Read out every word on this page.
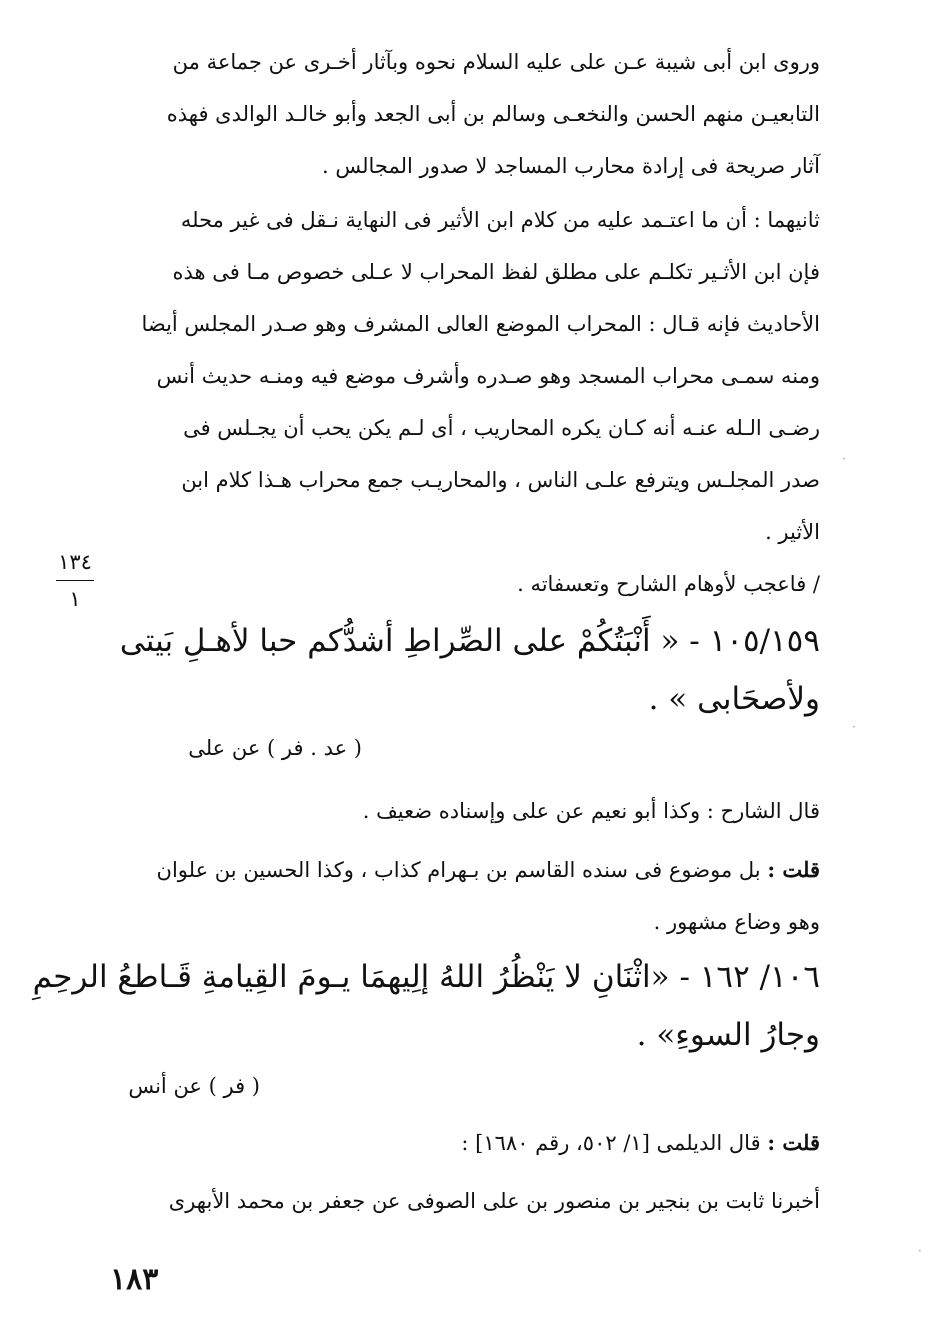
وروى ابن أبى شيبة عـن على عليه السلام نحوه وبآثار أخـرى عن جماعة من
التابعيـن منهم الحسن والنخعـى وسالم بن أبى الجعد وأبو خالـد الوالدى فهذه
آثار صريحة فى إرادة محارب المساجد لا صدور المجالس .
ثانيهما : أن ما اعتـمد عليه من كلام ابن الأثير فى النهاية نـقل فى غير محله
فإن ابن الأثـير تكلـم على مطلق لفظ المحراب لا عـلى خصوص مـا فى هذه
الأحاديث فإنه قـال : المحراب الموضع العالى المشرف وهو صـدر المجلس أيضا
ومنه سمـى محراب المسجد وهو صـدره وأشرف موضع فيه ومنـه حديث أنس
رضـى الـله عنـه أنه كـان يكره المحاريب ، أى لـم يكن يحب أن يجـلس فى
صدر المجلـس ويترفع علـى الناس ، والمحاريـب جمع محراب هـذا كلام ابن
الأثير .
/ فاعجب لأوهام الشارح وتعسفاته .
١٣٤
١
١٠٥/١٥٩ - « أَنْبَتُكُمْ على الصِّراطِ أشدُّكم حبا لأهـلِ بَيتى
ولأصحَابى » .
( عد . فر ) عن على
قال الشارح : وكذا أبو نعيم عن على وإسناده ضعيف .
قلت : بل موضوع فى سنده القاسم بن بـهرام كذاب ، وكذا الحسين بن علوان
وهو وضاع مشهور .
١٠٦/ ١٦٢ - «اثْنَانِ لا يَنْظُرُ اللهُ إلِيهمَا يـومَ القِيامةِ قَـاطعُ الرحِمِ
وجارُ السوءِ» .
( فر ) عن أنس
قلت : قال الديلمى [١/ ٥٠٢، رقم ١٦٨٠] :
أخبرنا ثابت بن بنجير بن منصور بن على الصوفى عن جعفر بن محمد الأبهرى
١٨٣
·
·
·
